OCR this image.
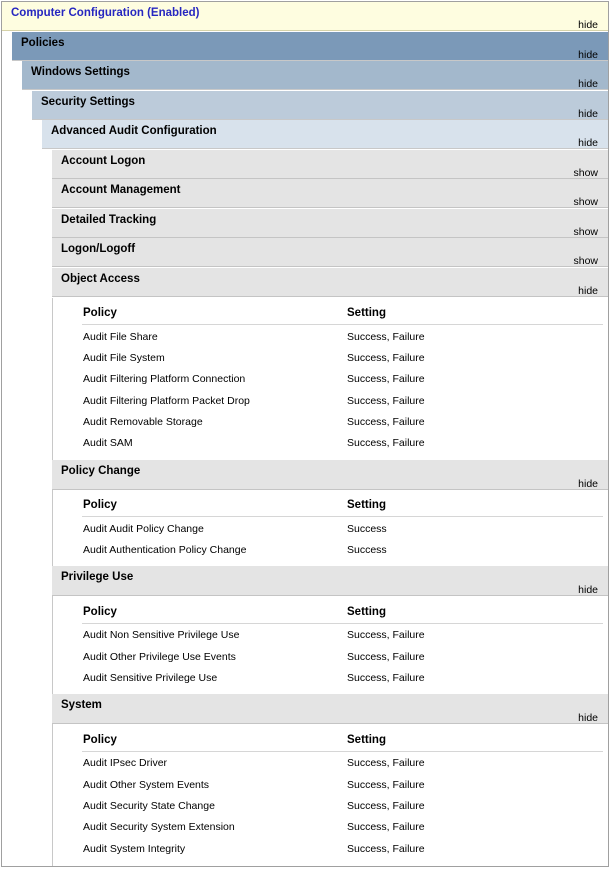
Computer Configuration (Enabled)
hide
Policies
hide
Windows Settings
hide
Security Settings
hide
Advanced Audit Configuration
hide
Account Logon
show
Account Management
show
Detailed Tracking
show
Logon/Logoff
show
Object Access
hide
Policy	Setting
Audit File Share	Success, Failure
Audit File System	Success, Failure
Audit Filtering Platform Connection	Success, Failure
Audit Filtering Platform Packet Drop	Success, Failure
Audit Removable Storage	Success, Failure
Audit SAM	Success, Failure
Policy Change
hide
Policy	Setting
Audit Audit Policy Change	Success
Audit Authentication Policy Change	Success
Privilege Use
hide
Policy	Setting
Audit Non Sensitive Privilege Use	Success, Failure
Audit Other Privilege Use Events	Success, Failure
Audit Sensitive Privilege Use	Success, Failure
System
hide
Policy	Setting
Audit IPsec Driver	Success, Failure
Audit Other System Events	Success, Failure
Audit Security State Change	Success, Failure
Audit Security System Extension	Success, Failure
Audit System Integrity	Success, Failure
